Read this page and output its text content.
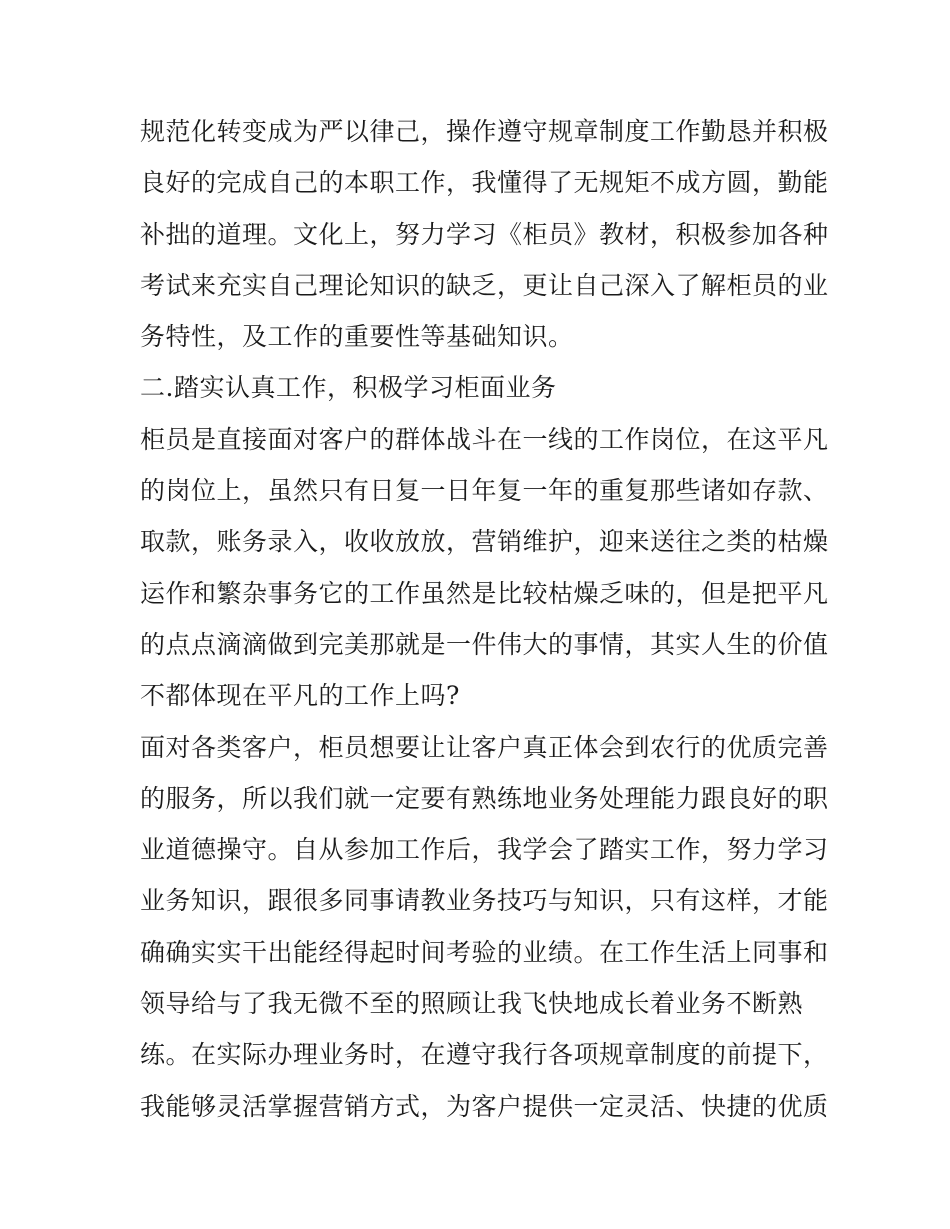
规范化转变成为严以律己，操作遵守规章制度工作勤恳并积极
良好的完成自己的本职工作，我懂得了无规矩不成方圆，勤能
补拙的道理。文化上，努力学习《柜员》教材，积极参加各种
考试来充实自己理论知识的缺乏，更让自己深入了解柜员的业
务特性，及工作的重要性等基础知识。
二.踏实认真工作，积极学习柜面业务
柜员是直接面对客户的群体战斗在一线的工作岗位，在这平凡
的岗位上，虽然只有日复一日年复一年的重复那些诸如存款、
取款，账务录入，收收放放，营销维护，迎来送往之类的枯燥
运作和繁杂事务它的工作虽然是比较枯燥乏味的，但是把平凡
的点点滴滴做到完美那就是一件伟大的事情，其实人生的价值
不都体现在平凡的工作上吗?
面对各类客户，柜员想要让让客户真正体会到农行的优质完善
的服务，所以我们就一定要有熟练地业务处理能力跟良好的职
业道德操守。自从参加工作后，我学会了踏实工作，努力学习
业务知识，跟很多同事请教业务技巧与知识，只有这样，才能
确确实实干出能经得起时间考验的业绩。在工作生活上同事和
领导给与了我无微不至的照顾让我飞快地成长着业务不断熟
练。在实际办理业务时，在遵守我行各项规章制度的前提下，
我能够灵活掌握营销方式，为客户提供一定灵活、快捷的优质
